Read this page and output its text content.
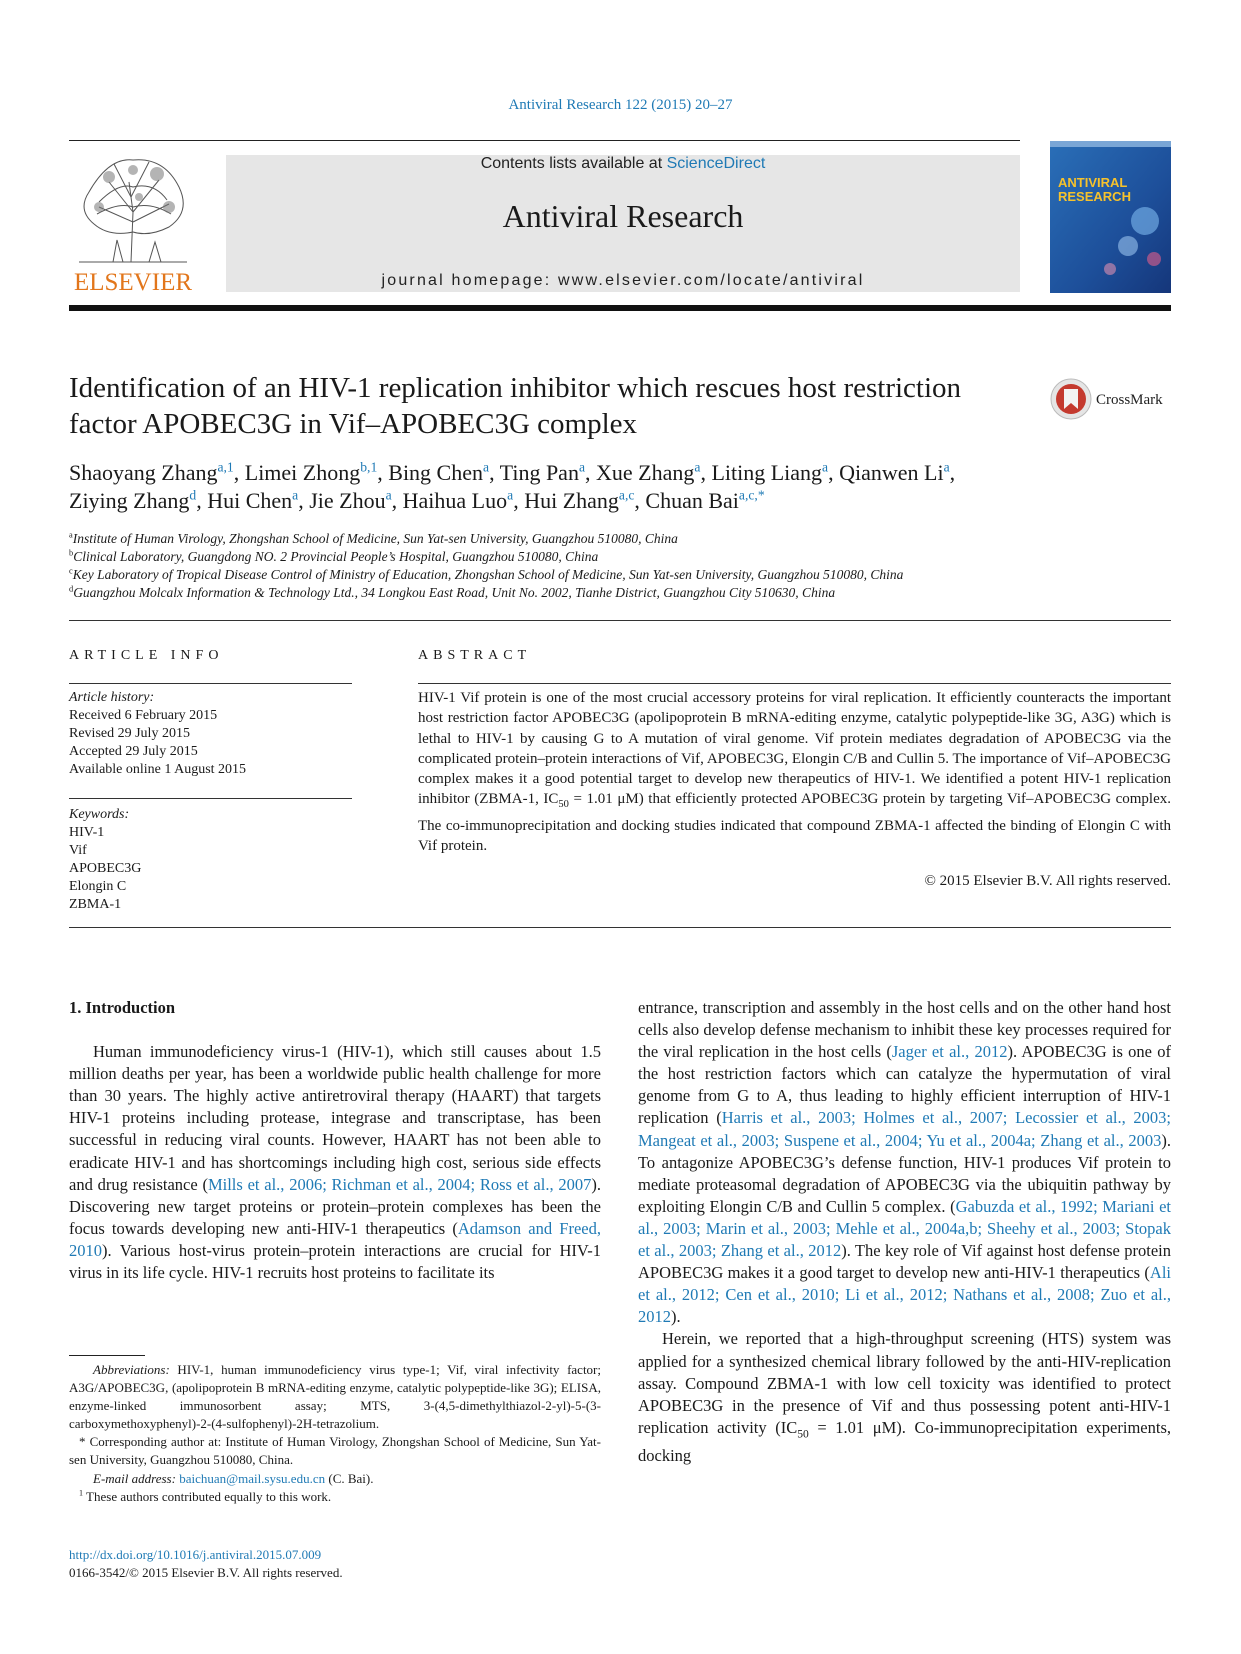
Antiviral Research 122 (2015) 20–27
ELSEVIER
Contents lists available at ScienceDirect
Antiviral Research
journal homepage: www.elsevier.com/locate/antiviral
ANTIVIRAL
RESEARCH
Identification of an HIV-1 replication inhibitor which rescues host restriction factor APOBEC3G in Vif–APOBEC3G complex
CrossMark
Shaoyang Zhang$^{a,1}$, Limei Zhong$^{b,1}$, Bing Chen$^a$, Ting Pan$^a$, Xue Zhang$^a$, Liting Liang$^a$, Qianwen Li$^a$,
Ziying Zhang$^d$, Hui Chen$^a$, Jie Zhou$^a$, Haihua Luo$^a$, Hui Zhang$^{a,c}$, Chuan Bai$^{a,c,*}$
$^a$Institute of Human Virology, Zhongshan School of Medicine, Sun Yat-sen University, Guangzhou 510080, China
$^b$Clinical Laboratory, Guangdong NO. 2 Provincial People’s Hospital, Guangzhou 510080, China
$^c$Key Laboratory of Tropical Disease Control of Ministry of Education, Zhongshan School of Medicine, Sun Yat-sen University, Guangzhou 510080, China
$^d$Guangzhou Molcalx Information & Technology Ltd., 34 Longkou East Road, Unit No. 2002, Tianhe District, Guangzhou City 510630, China
ARTICLE INFO	ABSTRACT
Article history:
Received 6 February 2015
Revised 29 July 2015
Accepted 29 July 2015
Available online 1 August 2015
Keywords:
HIV-1
Vif
APOBEC3G
Elongin C
ZBMA-1
HIV-1 Vif protein is one of the most crucial accessory proteins for viral replication. It efficiently counteracts the important host restriction factor APOBEC3G (apolipoprotein B mRNA-editing enzyme, catalytic polypeptide-like 3G, A3G) which is lethal to HIV-1 by causing G to A mutation of viral genome. Vif protein mediates degradation of APOBEC3G via the complicated protein–protein interactions of Vif, APOBEC3G, Elongin C/B and Cullin 5. The importance of Vif–APOBEC3G complex makes it a good potential target to develop new therapeutics of HIV-1. We identified a potent HIV-1 replication inhibitor (ZBMA-1, $IC_{50} = 1.01$ μM) that efficiently protected APOBEC3G protein by targeting Vif–APOBEC3G complex. The co-immunoprecipitation and docking studies indicated that compound ZBMA-1 affected the binding of Elongin C with Vif protein.
© 2015 Elsevier B.V. All rights reserved.
1. Introduction

Human immunodeficiency virus-1 (HIV-1), which still causes about 1.5 million deaths per year, has been a worldwide public health challenge for more than 30 years. The highly active antiretroviral therapy (HAART) that targets HIV-1 proteins including protease, integrase and transcriptase, has been successful in reducing viral counts. However, HAART has not been able to eradicate HIV-1 and has shortcomings including high cost, serious side effects and drug resistance (Mills et al., 2006; Richman et al., 2004; Ross et al., 2007). Discovering new target proteins or protein–protein complexes has been the focus towards developing new anti-HIV-1 therapeutics (Adamson and Freed, 2010). Various host-virus protein–protein interactions are crucial for HIV-1 virus in its life cycle. HIV-1 recruits host proteins to facilitate its

entrance, transcription and assembly in the host cells and on the other hand host cells also develop defense mechanism to inhibit these key processes required for the viral replication in the host cells (Jager et al., 2012). APOBEC3G is one of the host restriction factors which can catalyze the hypermutation of viral genome from G to A, thus leading to highly efficient interruption of HIV-1 replication (Harris et al., 2003; Holmes et al., 2007; Lecossier et al., 2003; Mangeat et al., 2003; Suspene et al., 2004; Yu et al., 2004a; Zhang et al., 2003). To antagonize APOBEC3G’s defense function, HIV-1 produces Vif protein to mediate proteasomal degradation of APOBEC3G via the ubiquitin pathway by exploiting Elongin C/B and Cullin 5 complex. (Gabuzda et al., 1992; Mariani et al., 2003; Marin et al., 2003; Mehle et al., 2004a,b; Sheehy et al., 2003; Stopak et al., 2003; Zhang et al., 2012). The key role of Vif against host defense protein APOBEC3G makes it a good target to develop new anti-HIV-1 therapeutics (Ali et al., 2012; Cen et al., 2010; Li et al., 2012; Nathans et al., 2008; Zuo et al., 2012).

Herein, we reported that a high-throughput screening (HTS) system was applied for a synthesized chemical library followed by the anti-HIV-replication assay. Compound ZBMA-1 with low cell toxicity was identified to protect APOBEC3G in the presence of Vif and thus possessing potent anti-HIV-1 replication activity ($IC_{50} = 1.01$ μM). Co-immunoprecipitation experiments, docking

Abbreviations: HIV-1, human immunodeficiency virus type-1; Vif, viral infectivity factor; A3G/APOBEC3G, (apolipoprotein B mRNA-editing enzyme, catalytic polypeptide-like 3G); ELISA, enzyme-linked immunosorbent assay; MTS, 3-(4,5-dimethylthiazol-2-yl)-5-(3-carboxymethoxyphenyl)-2-(4-sulfophenyl)-2H-tetrazolium.

* Corresponding author at: Institute of Human Virology, Zhongshan School of Medicine, Sun Yat-sen University, Guangzhou 510080, China.

E-mail address: baichuan@mail.sysu.edu.cn (C. Bai).

$^1$ These authors contributed equally to this work.

http://dx.doi.org/10.1016/j.antiviral.2015.07.009
0166-3542/© 2015 Elsevier B.V. All rights reserved.
